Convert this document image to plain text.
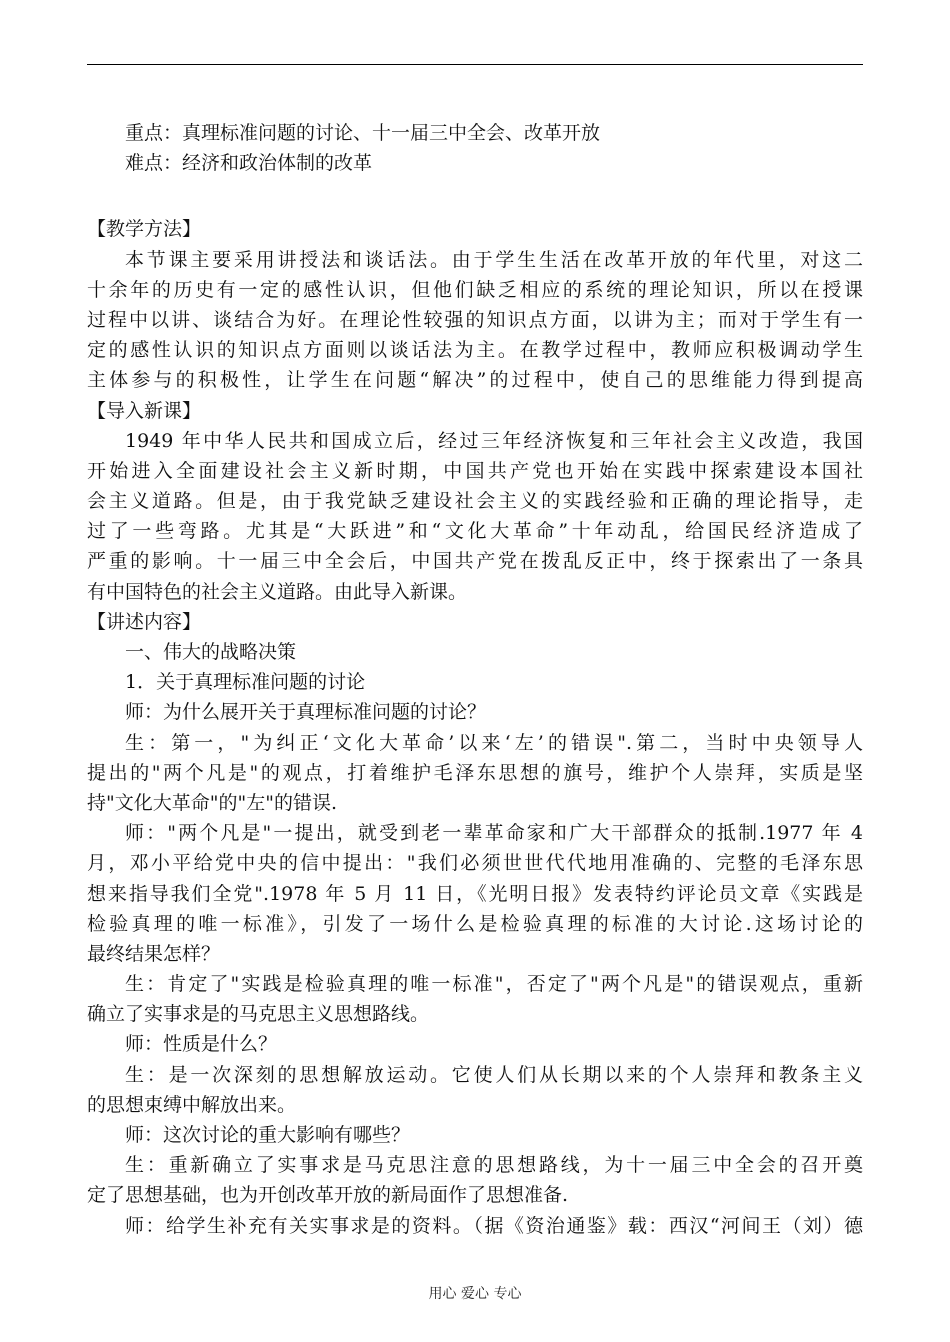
重点：真理标准问题的讨论、十一届三中全会、改革开放
难点：经济和政治体制的改革
【教学方法】
本节课主要采用讲授法和谈话法。由于学生生活在改革开放的年代里，对这二
十余年的历史有一定的感性认识，但他们缺乏相应的系统的理论知识，所以在授课
过程中以讲、谈结合为好。在理论性较强的知识点方面，以讲为主；而对于学生有一
定的感性认识的知识点方面则以谈话法为主。在教学过程中，教师应积极调动学生
主体参与的积极性，让学生在问题“解决”的过程中，使自己的思维能力得到提高
【导入新课】
1949 年中华人民共和国成立后，经过三年经济恢复和三年社会主义改造，我国
开始进入全面建设社会主义新时期，中国共产党也开始在实践中探索建设本国社
会主义道路。但是，由于我党缺乏建设社会主义的实践经验和正确的理论指导，走
过了一些弯路。尤其是“大跃进”和“文化大革命”十年动乱，给国民经济造成了
严重的影响。十一届三中全会后，中国共产党在拨乱反正中，终于探索出了一条具
有中国特色的社会主义道路。由此导入新课。
【讲述内容】
一、伟大的战略决策
1．关于真理标准问题的讨论
师：为什么展开关于真理标准问题的讨论？
生：第一，"为纠正‘文化大革命’以来‘左’的错误".第二，当时中央领导人
提出的"两个凡是"的观点，打着维护毛泽东思想的旗号，维护个人崇拜，实质是坚
持"文化大革命"的"左"的错误.
师："两个凡是"一提出，就受到老一辈革命家和广大干部群众的抵制.1977 年 4
月，邓小平给党中央的信中提出："我们必须世世代代地用准确的、完整的毛泽东思
想来指导我们全党".1978 年 5 月 11 日，《光明日报》发表特约评论员文章《实践是
检验真理的唯一标准》，引发了一场什么是检验真理的标准的大讨论.这场讨论的
最终结果怎样？
生：肯定了"实践是检验真理的唯一标准"，否定了"两个凡是"的错误观点，重新
确立了实事求是的马克思主义思想路线。
师：性质是什么？
生：是一次深刻的思想解放运动。它使人们从长期以来的个人崇拜和教条主义
的思想束缚中解放出来。
师：这次讨论的重大影响有哪些？
生：重新确立了实事求是马克思注意的思想路线，为十一届三中全会的召开奠
定了思想基础，也为开创改革开放的新局面作了思想准备.
师：给学生补充有关实事求是的资料。（据《资治通鉴》载：西汉“河间王（刘）德
用心 爱心 专心
